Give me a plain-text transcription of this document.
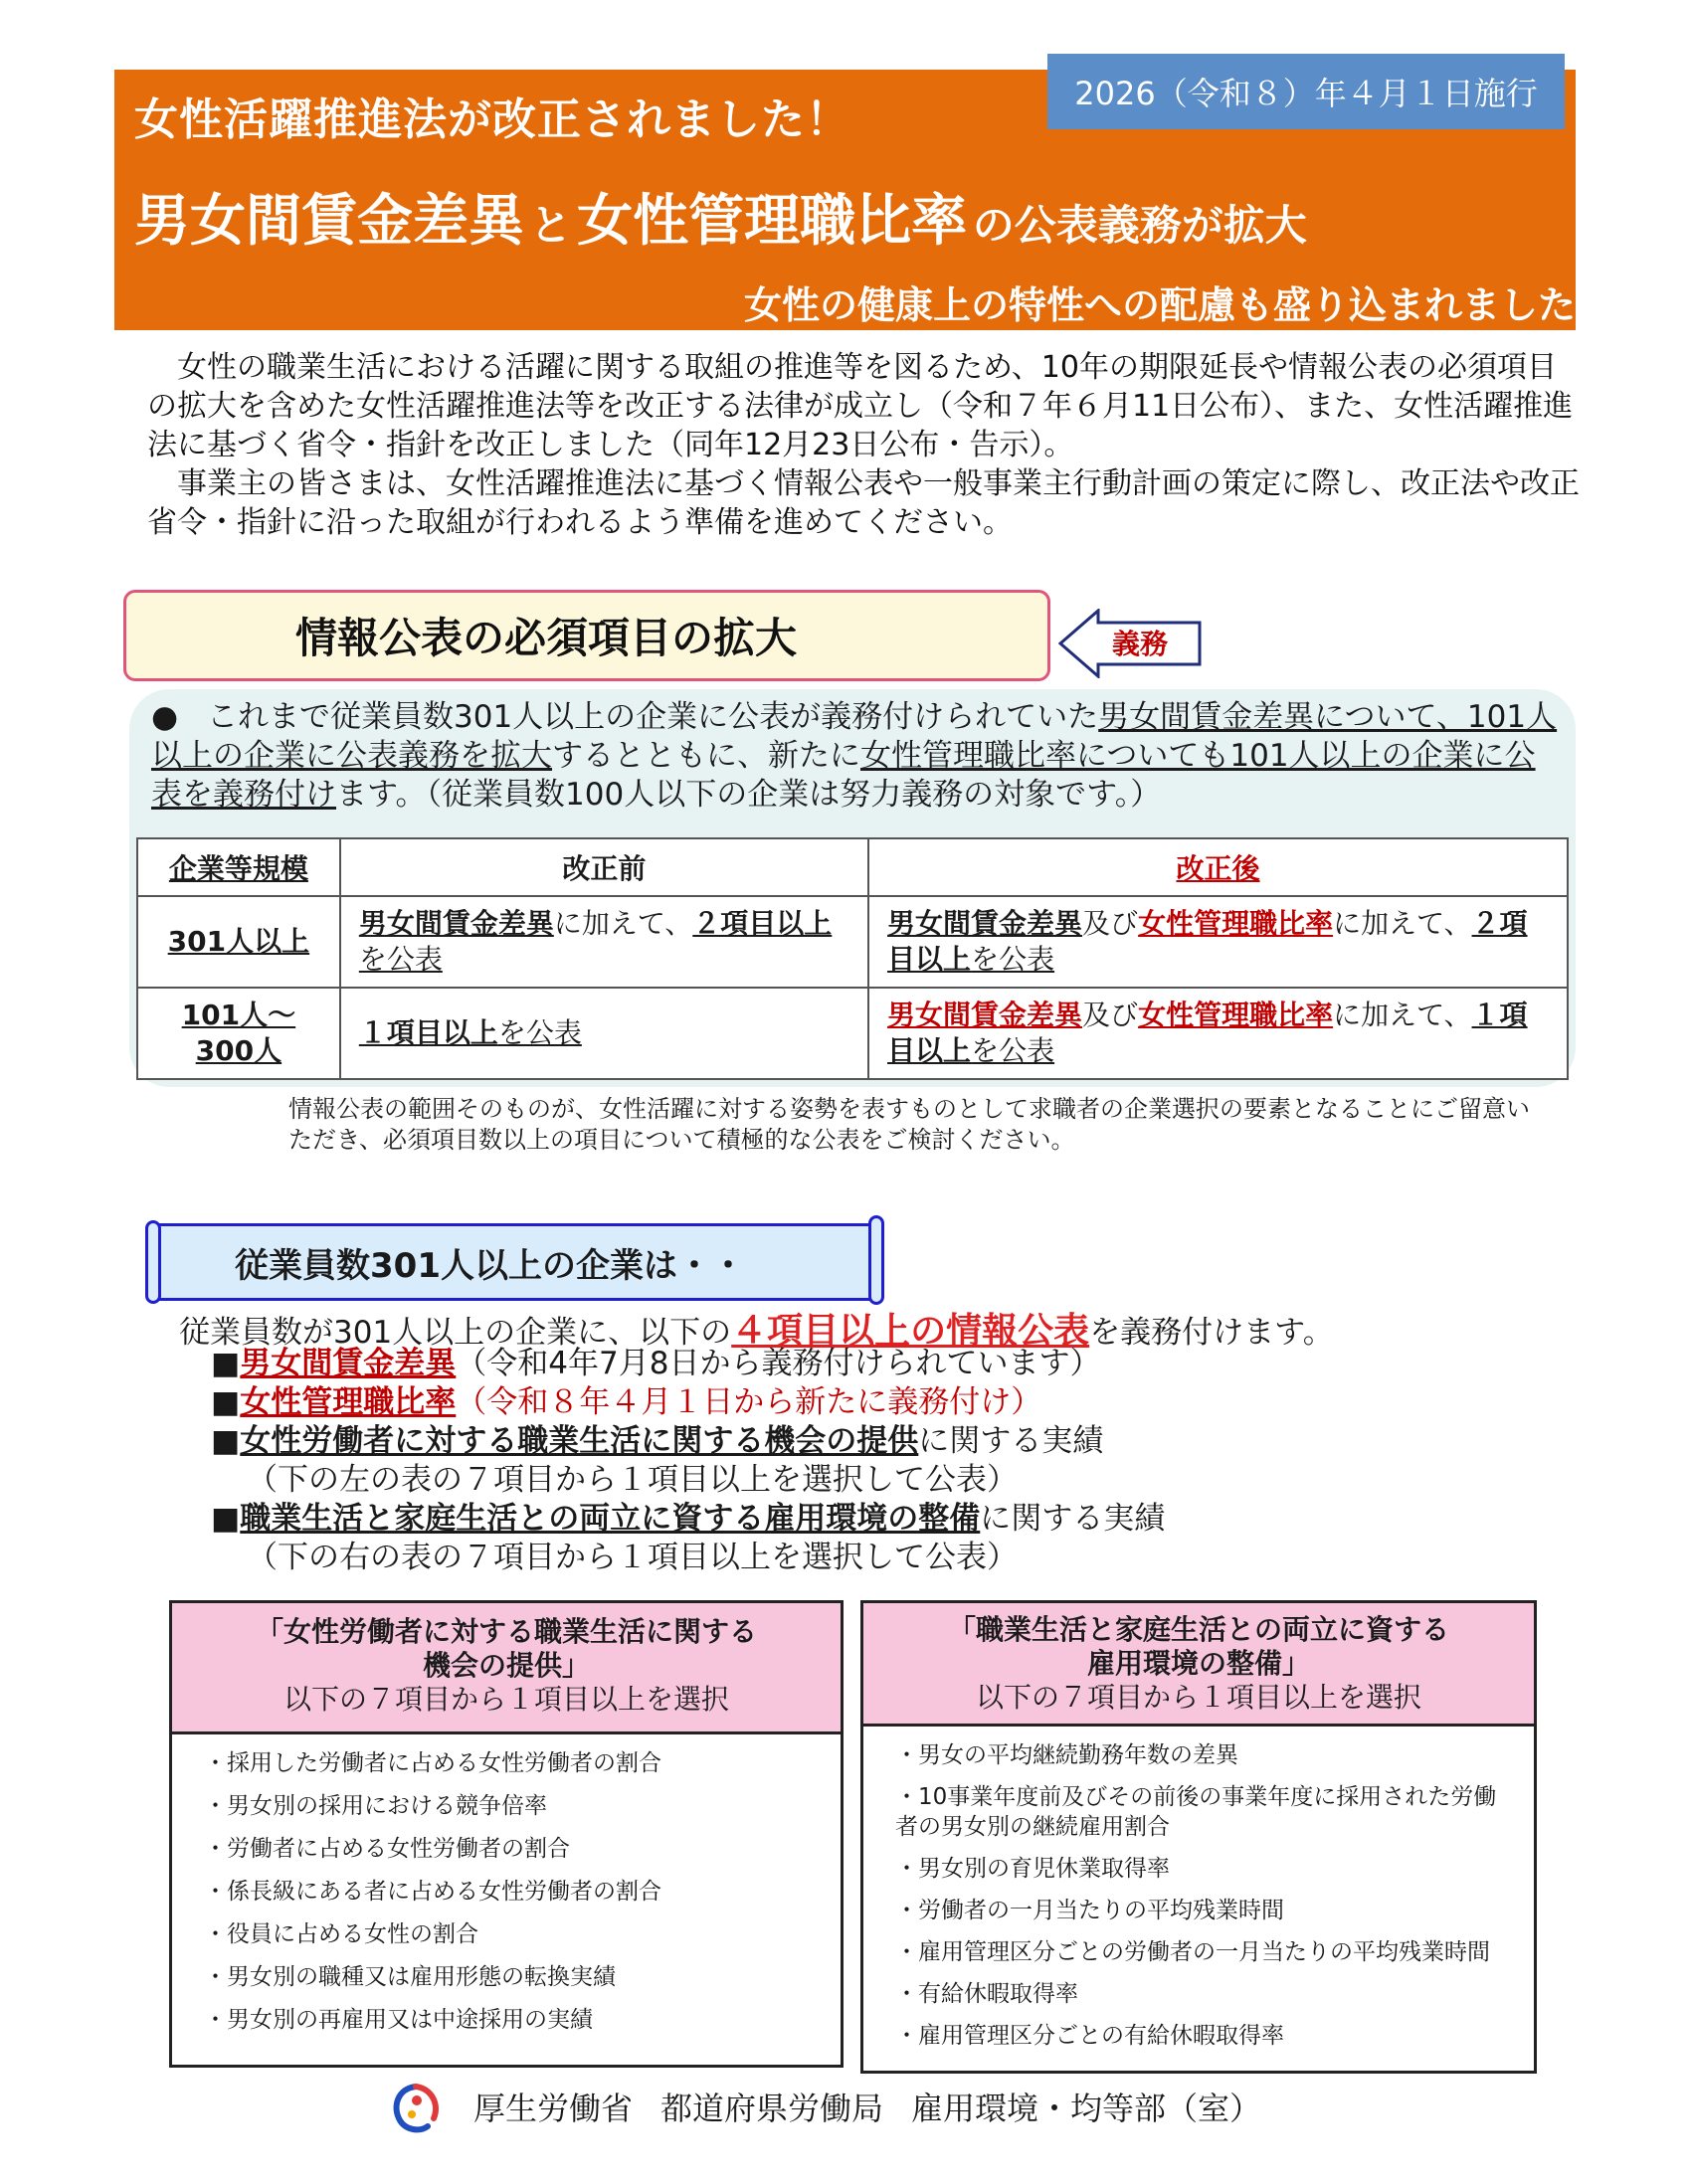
女性活躍推進法が改正されました！
男女間賃金差異 と 女性管理職比率 の公表義務が拡大
女性の健康上の特性への配慮も盛り込まれました
2026（令和８）年４月１日施行

女性の職業生活における活躍に関する取組の推進等を図るため、10年の期限延長や情報公表の必須項目の拡大を含めた女性活躍推進法等を改正する法律が成立し（令和７年６月11日公布）、また、女性活躍推進法に基づく省令・指針を改正しました（同年12月23日公布・告示）。

事業主の皆さまは、女性活躍推進法に基づく情報公表や一般事業主行動計画の策定に際し、改正法や改正省令・指針に沿った取組が行われるよう準備を進めてください。

情報公表の必須項目の拡大	義務
● これまで従業員数301人以上の企業に公表が義務付けられていた男女間賃金差異について、101人以上の企業に公表義務を拡大するとともに、新たに女性管理職比率についても101人以上の企業に公表を義務付けます。（従業員数100人以下の企業は努力義務の対象です。）
企業等規模	改正前	改正後
301人以上	男女間賃金差異に加えて、２項目以上を公表	男女間賃金差異及び女性管理職比率に加えて、２項目以上を公表
101人～300人	１項目以上を公表	男女間賃金差異及び女性管理職比率に加えて、１項目以上を公表
情報公表の範囲そのものが、女性活躍に対する姿勢を表すものとして求職者の企業選択の要素となることにご留意いただき、必須項目数以上の項目について積極的な公表をご検討ください。
従業員数301人以上の企業は・・
従業員数が301人以上の企業に、以下の４項目以上の情報公表を義務付けます。
■男女間賃金差異（令和4年7月8日から義務付けられています）
■女性管理職比率（令和８年４月１日から新たに義務付け）
■女性労働者に対する職業生活に関する機会の提供に関する実績
（下の左の表の７項目から１項目以上を選択して公表）
■職業生活と家庭生活との両立に資する雇用環境の整備に関する実績
（下の右の表の７項目から１項目以上を選択して公表）
「女性労働者に対する職業生活に関する
機会の提供」
以下の７項目から１項目以上を選択
・採用した労働者に占める女性労働者の割合
・男女別の採用における競争倍率
・労働者に占める女性労働者の割合
・係長級にある者に占める女性労働者の割合
・役員に占める女性の割合
・男女別の職種又は雇用形態の転換実績
・男女別の再雇用又は中途採用の実績
「職業生活と家庭生活との両立に資する
雇用環境の整備」
以下の７項目から１項目以上を選択
・男女の平均継続勤務年数の差異
・10事業年度前及びその前後の事業年度に採用された労働者の男女別の継続雇用割合
・男女別の育児休業取得率
・労働者の一月当たりの平均残業時間
・雇用管理区分ごとの労働者の一月当たりの平均残業時間
・有給休暇取得率
・雇用管理区分ごとの有給休暇取得率
厚生労働省 都道府県労働局 雇用環境・均等部（室）
